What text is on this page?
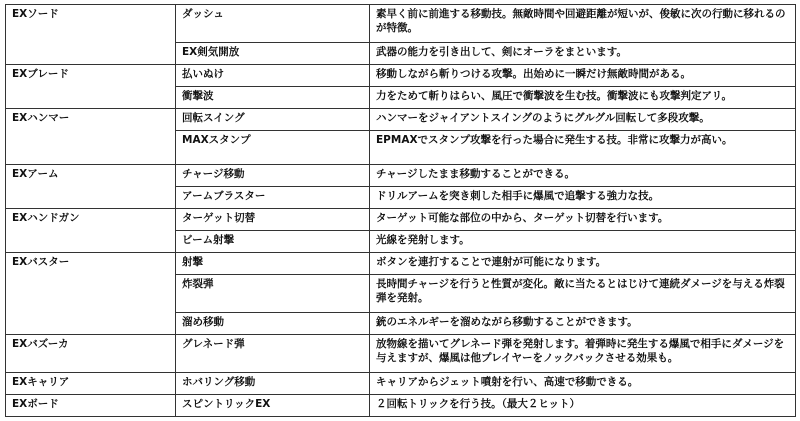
EXソード	ダッシュ	素早く前に前進する移動技。無敵時間や回避距離が短いが、俊敏に次の行動に移れるのが特徴。
	EX剣気開放	武器の能力を引き出して、剣にオーラをまといます。
EXブレード	払いぬけ	移動しながら斬りつける攻撃。出始めに一瞬だけ無敵時間がある。
	衝撃波	力をためて斬りはらい、風圧で衝撃波を生む技。衝撃波にも攻撃判定アリ。
EXハンマー	回転スイング	ハンマーをジャイアントスイングのようにグルグル回転して多段攻撃。
	MAXスタンプ	EPMAXでスタンプ攻撃を行った場合に発生する技。非常に攻撃力が高い。
EXアーム	チャージ移動	チャージしたまま移動することができる。
	アームブラスター	ドリルアームを突き刺した相手に爆風で追撃する強力な技。
EXハンドガン	ターゲット切替	ターゲット可能な部位の中から、ターゲット切替を行います。
	ビーム射撃	光線を発射します。
EXバスター	射撃	ボタンを連打することで連射が可能になります。
	炸裂弾	長時間チャージを行うと性質が変化。敵に当たるとはじけて連続ダメージを与える炸裂弾を発射。
	溜め移動	銃のエネルギーを溜めながら移動することができます。
EXバズーカ	グレネード弾	放物線を描いてグレネード弾を発射します。着弾時に発生する爆風で相手にダメージを与えますが、爆風は他プレイヤーをノックバックさせる効果も。
EXキャリア	ホバリング移動	キャリアからジェット噴射を行い、高速で移動できる。
EXボード	スピントリックEX	２回転トリックを行う技。（最大２ヒット）
